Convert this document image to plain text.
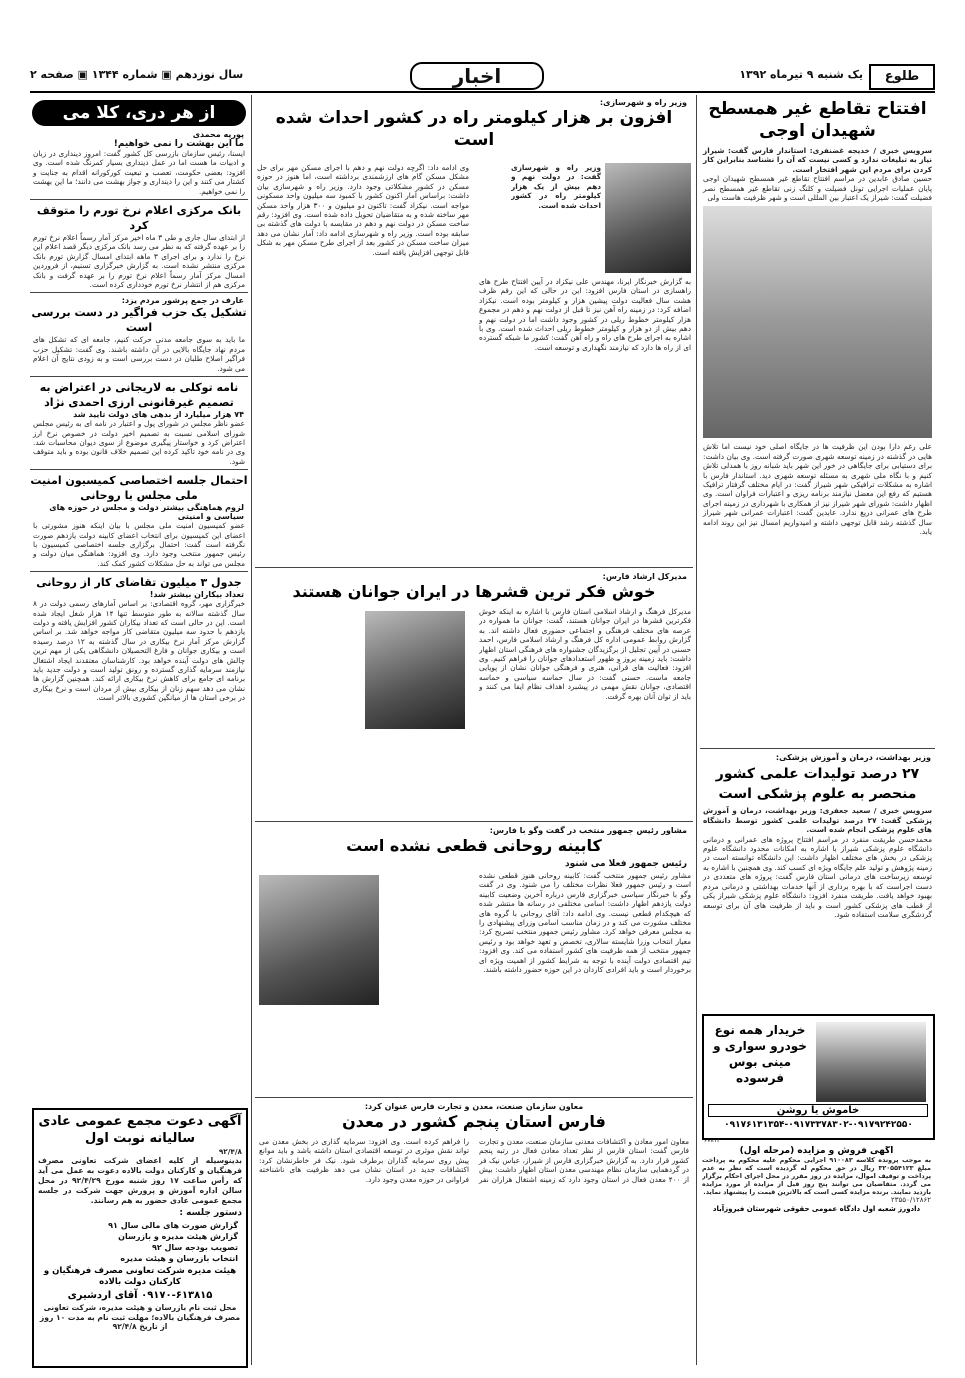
طلوع
یک شنبه ۹ تیرماه ۱۳۹۲
اخبار
سال نوزدهم ▣ شماره ۱۳۴۴ ▣ صفحه ۲
افتتاح تقاطع غیر همسطح شهیدان اوجی
سرویس خبری / خدیجه غضنفری: استاندار فارس گفت: شیراز نیاز به تبلیغات ندارد و کسی نیست که آن را نشناسد بنابراین کار کردن برای مردم این شهر افتخار است.
حسین صادق عابدین در مراسم افتتاح تقاطع غیر همسطح شهیدان اوجی پایان عملیات اجرایی تونل فضیلت و کلنگ زنی تقاطع غیر همسطح نصر فضیلت گفت: شیراز یک اعتبار بین المللی است و شهر ظرفیت هاست ولی
علی رغم دارا بودن این ظرفیت ها در جایگاه اصلی خود نیست اما تلاش هایی در گذشته در زمینه توسعه شهری صورت گرفته است. وی بیان داشت: برای دستیابی برای جایگاهی در خور این شهر باید شبانه روز با همدلی تلاش کنیم و با نگاه ملی شهری به مسئله توسعه شهری دید. استاندار فارس با اشاره به مشکلات ترافیکی شهر شیراز گفت: در ایام مختلف گرفتار ترافیک هستیم که رفع این معضل نیازمند برنامه ریزی و اعتبارات فراوان است. وی اظهار داشت: شورای شهر شیراز نیز از همکاری با شهرداری در زمینه اجرای طرح های عمرانی دریغ ندارد. عابدین گفت: اعتبارات عمرانی شهر شیراز سال گذشته رشد قابل توجهی داشته و امیدواریم امسال نیز این روند ادامه یابد.
وزیر بهداشت، درمان و آموزش پزشکی:
۲۷ درصد تولیدات علمی کشور منحصر به علوم پزشکی است
سرویس خبری / سعید جعفری: وزیر بهداشت، درمان و آموزش پزشکی گفت: ۲۷ درصد تولیدات علمی کشور توسط دانشگاه های علوم پزشکی انجام شده است.
محمدحسن طریقت منفرد در مراسم افتتاح پروژه های عمرانی و درمانی دانشگاه علوم پزشکی شیراز با اشاره به امکانات محدود دانشگاه علوم پزشکی در بخش های مختلف اظهار داشت: این دانشگاه توانسته است در زمینه پژوهش و تولید علم جایگاه ویژه ای کسب کند. وی همچنین با اشاره به توسعه زیرساخت های درمانی استان فارس گفت: پروژه های متعددی در دست اجراست که با بهره برداری از آنها خدمات بهداشتی و درمانی مردم بهبود خواهد یافت. طریقت منفرد افزود: دانشگاه علوم پزشکی شیراز یکی از قطب های پزشکی کشور است و باید از ظرفیت های آن برای توسعه گردشگری سلامت استفاده شود.
خریدار همه نوع خودرو سواری و مینی بوس فرسوده
خاموش یا روشن
۰۹۱۷۶۱۳۱۳۵۴-۰۹۱۷۳۳۷۸۳۰۲-۰۹۱۷۹۲۴۲۵۵۰
۶۷۸۱۳
آگهی فروش و مزایده (مرحله اول)
به موجب پرونده کلاسه ۹۱۰۰۸۳ اجرایی محکوم علیه محکوم به پرداخت مبلغ ۳۲۰۵۵۴۱۲۳ ریال در حق محکوم له گردیده است که نظر به عدم پرداخت و توقیف اموال، مزایده در روز مقرر در محل اجرای احکام برگزار می گردد. متقاضیان می توانند پنج روز قبل از مزایده از مورد مزایده بازدید نمایند. برنده مزایده کسی است که بالاترین قیمت را پیشنهاد نماید.
۲۳۵۵۰/۱۲۸۶۲
دادورز شعبه اول دادگاه عمومی حقوقی شهرستان فیروزآباد
وزیر راه و شهرسازی:
افزون بر هزار کیلومتر راه در کشور احداث شده است
وزیر راه و شهرسازی گفت: در دولت نهم و دهم بیش از یک هزار کیلومتر راه در کشور احداث شده است.
به گزارش خبرنگار ایرنا، مهندس علی نیکزاد در آیین افتتاح طرح های راهسازی در استان فارس افزود: این در حالی که این رقم ظرف هشت سال فعالیت دولت پیشین هزار و کیلومتر بوده است. نیکزاد اضافه کرد: در زمینه راه آهن نیز تا قبل از دولت نهم و دهم در مجموع هزار کیلومتر خطوط ریلی در کشور وجود داشت اما در دولت نهم و دهم بیش از دو هزار و کیلومتر خطوط ریلی احداث شده است. وی با اشاره به اجرای طرح های راه و راه آهن گفت: کشور ما شبکه گسترده ای از راه ها دارد که نیازمند نگهداری و توسعه است.
وی ادامه داد: اگرچه دولت نهم و دهم با اجرای مسکن مهر برای حل مشکل مسکن گام های ارزشمندی برداشته است، اما هنوز در حوزه مسکن در کشور مشکلاتی وجود دارد. وزیر راه و شهرسازی بیان داشت: براساس آمار اکنون کشور با کمبود سه میلیون واحد مسکونی مواجه است. نیکزاد گفت: تاکنون دو میلیون و ۳۰۰ هزار واحد مسکن مهر ساخته شده و به متقاضیان تحویل داده شده است. وی افزود: رقم ساخت مسکن در دولت نهم و دهم در مقایسه با دولت های گذشته بی سابقه بوده است. وزیر راه و شهرسازی ادامه داد: آمار نشان می دهد میزان ساخت مسکن در کشور بعد از اجرای طرح مسکن مهر به شکل قابل توجهی افزایش یافته است.
مدیرکل ارشاد فارس:
خوش فکر ترین قشرها در ایران جوانان هستند
مدیرکل فرهنگ و ارشاد اسلامی استان فارس با اشاره به اینکه خوش فکرترین قشرها در ایران جوانان هستند، گفت: جوانان ما همواره در عرصه های مختلف فرهنگی و اجتماعی حضوری فعال داشته اند. به گزارش روابط عمومی اداره کل فرهنگ و ارشاد اسلامی فارس، احمد حسنی در آیین تجلیل از برگزیدگان جشنواره های فرهنگی استان اظهار داشت: باید زمینه بروز و ظهور استعدادهای جوانان را فراهم کنیم. وی افزود: فعالیت های قرآنی، هنری و فرهنگی جوانان نشان از پویایی جامعه ماست. حسنی گفت: در سال حماسه سیاسی و حماسه اقتصادی، جوانان نقش مهمی در پیشبرد اهداف نظام ایفا می کنند و باید از توان آنان بهره گرفت.
مشاور رئیس جمهور منتخب در گفت وگو با فارس:
کابینه روحانی قطعی نشده است
رئیس جمهور فعلا می شنود
مشاور رئیس جمهور منتخب گفت: کابینه روحانی هنوز قطعی نشده است و رئیس جمهور فعلا نظرات مختلف را می شنود. وی در گفت وگو با خبرنگار سیاسی خبرگزاری فارس درباره آخرین وضعیت کابینه دولت یازدهم اظهار داشت: اسامی مختلفی در رسانه ها منتشر شده که هیچکدام قطعی نیست. وی ادامه داد: آقای روحانی با گروه های مختلف مشورت می کند و در زمان مناسب اسامی وزرای پیشنهادی را به مجلس معرفی خواهد کرد. مشاور رئیس جمهور منتخب تصریح کرد: معیار انتخاب وزرا شایسته سالاری، تخصص و تعهد خواهد بود و رئیس جمهور منتخب از همه ظرفیت های کشور استفاده می کند. وی افزود: تیم اقتصادی دولت آینده با توجه به شرایط کشور از اهمیت ویژه ای برخوردار است و باید افرادی کاردان در این حوزه حضور داشته باشند.
معاون سازمان صنعت، معدن و تجارت فارس عنوان کرد:
فارس استان پنجم کشور در معدن
معاون امور معادن و اکتشافات معدنی سازمان صنعت، معدن و تجارت فارس گفت: استان فارس از نظر تعداد معادن فعال در رتبه پنجم کشور قرار دارد. به گزارش خبرگزاری فارس از شیراز، عباس نیک فر در گردهمایی سازمان نظام مهندسی معدن استان اظهار داشت: بیش از ۴۰۰ معدن فعال در استان وجود دارد که زمینه اشتغال هزاران نفر را فراهم کرده است. وی افزود: سرمایه گذاری در بخش معدن می تواند نقش موثری در توسعه اقتصادی استان داشته باشد و باید موانع پیش روی سرمایه گذاران برطرف شود. نیک فر خاطرنشان کرد: اکتشافات جدید در استان نشان می دهد ظرفیت های ناشناخته فراوانی در حوزه معدن وجود دارد.
از هر دری، کلا می
پوریه محمدی
ما این بهشت را نمی خواهیم!
ایسنا، رئیس سازمان بازرسی کل کشور گفت: امروز دینداری در زبان و ادبیات ما هست اما در عمل دینداری بسیار کمرنگ شده است. وی افزود: بعضی حکومت، تعصب و تبعیت کورکورانه اقدام به جنایت و کشتار می کنند و این را دینداری و جواز بهشت می دانند؛ ما این بهشت را نمی خواهیم.
بانک مرکزی اعلام نرخ تورم را متوقف کرد
از ابتدای سال جاری و طی ۳ ماه اخیر مرکز آمار رسماً اعلام نرخ تورم را بر عهده گرفته که به نظر می رسد بانک مرکزی دیگر قصد اعلام این نرخ را ندارد و برای اجرای ۳ ماهه ابتدای امسال گزارش تورم بانک مرکزی منتشر نشده است. به گزارش خبرگزاری تسنیم، از فروردین امسال مرکز آمار رسماً اعلام نرخ تورم را بر عهده گرفت و بانک مرکزی هم از انتشار نرخ تورم خودداری کرده است.
عارف در جمع پرشور مردم یزد:
تشکیل یک حزب فراگیر در دست بررسی است
ما باید به سوی جامعه مدنی حرکت کنیم، جامعه ای که تشکل های مردم نهاد جایگاه بالایی در آن داشته باشند. وی گفت: تشکیل حزب فراگیر اصلاح طلبان در دست بررسی است و به زودی نتایج آن اعلام می شود.
نامه توکلی به لاریجانی در اعتراض به تصمیم غیرقانونی ارزی احمدی نژاد
۷۴ هزار میلیارد از بدهی های دولت تایید شد
عضو ناظر مجلس در شورای پول و اعتبار در نامه ای به رئیس مجلس شورای اسلامی نسبت به تصمیم اخیر دولت در خصوص نرخ ارز اعتراض کرد و خواستار پیگیری موضوع از سوی دیوان محاسبات شد. وی در نامه خود تاکید کرده این تصمیم خلاف قانون بوده و باید متوقف شود.
احتمال جلسه اختصاصی کمیسیون امنیت ملی مجلس با روحانی
لزوم هماهنگی بیشتر دولت و مجلس در حوزه های سیاسی و امنیتی
عضو کمیسیون امنیت ملی مجلس با بیان اینکه هنوز مشورتی با اعضای این کمیسیون برای انتخاب اعضای کابینه دولت یازدهم صورت نگرفته است گفت: احتمال برگزاری جلسه اختصاصی کمیسیون با رئیس جمهور منتخب وجود دارد. وی افزود: هماهنگی میان دولت و مجلس می تواند به حل مشکلات کشور کمک کند.
جدول ۳ میلیون تقاضای کار از روحانی
تعداد بیکاران بیشتر شد!
خبرگزاری مهر، گروه اقتصادی: بر اساس آمارهای رسمی دولت در ۸ سال گذشته سالانه به طور متوسط تنها ۱۴ هزار شغل ایجاد شده است. این در حالی است که تعداد بیکاران کشور افزایش یافته و دولت یازدهم با حدود سه میلیون متقاضی کار مواجه خواهد شد. بر اساس گزارش مرکز آمار نرخ بیکاری در سال گذشته به ۱۲ درصد رسیده است و بیکاری جوانان و فارغ التحصیلان دانشگاهی یکی از مهم ترین چالش های دولت آینده خواهد بود. کارشناسان معتقدند ایجاد اشتغال نیازمند سرمایه گذاری گسترده و رونق تولید است و دولت جدید باید برنامه ای جامع برای کاهش نرخ بیکاری ارائه کند. همچنین گزارش ها نشان می دهد سهم زنان از بیکاری بیش از مردان است و نرخ بیکاری در برخی استان ها از میانگین کشوری بالاتر است.
آگهی دعوت مجمع عمومی عادی سالیانه نوبت اول
۹۲/۴/۸
بدینوسیله از کلیه اعضای شرکت تعاونی مصرف فرهنگیان و کارکنان دولت بالاده دعوت به عمل می آید که رأس ساعت ۱۷ روز شنبه مورخ ۹۲/۴/۲۹ در محل سالن اداره آموزش و پرورش جهت شرکت در جلسه مجمع عمومی عادی حضور به هم رسانند.
دستور جلسه :
گزارش صورت های مالی سال ۹۱
گزارش هیئت مدیره و بازرسان
تصویب بودجه سال ۹۲
انتخاب بازرسان و هیئت مدیره
هیئت مدیره شرکت تعاونی مصرف فرهنگیان و کارکنان دولت بالاده
۰۹۱۷۰-۶۱۳۸۱۵ آقای اردشیری
محل ثبت نام بازرسان و هیئت مدیره، شرکت تعاونی مصرف فرهنگیان بالاده؛ مهلت ثبت نام به مدت ۱۰ روز از تاریخ ۹۲/۴/۸
